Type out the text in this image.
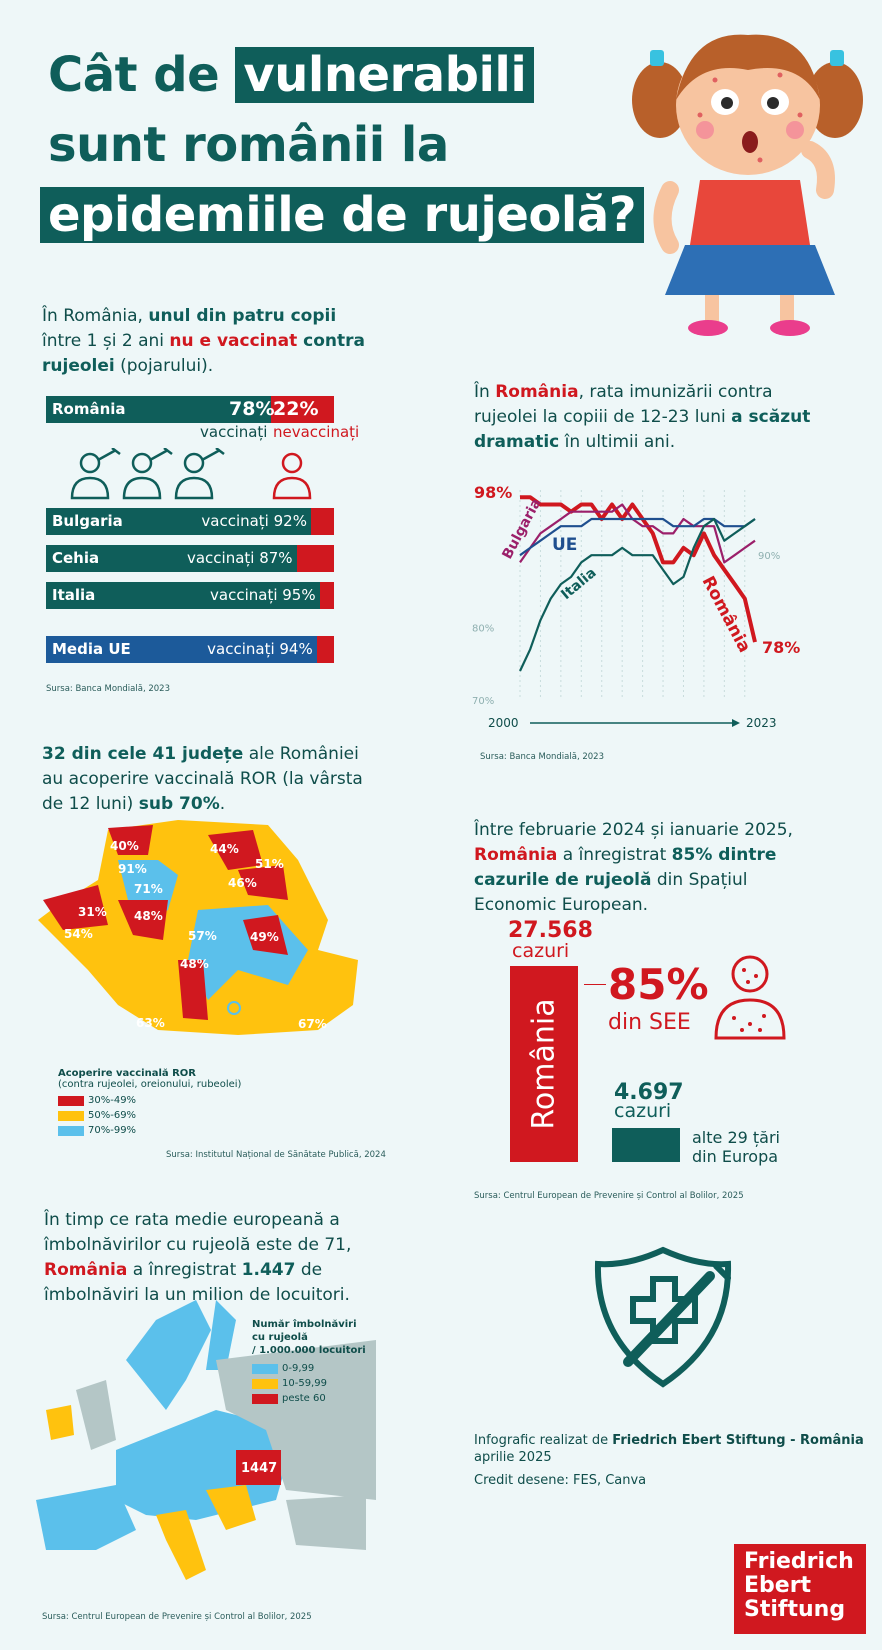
Cât de vulnerabili
sunt românii la
epidemiile de rujeolă?
În România, unul din patru copii între 1 și 2 ani nu e vaccinat contra rujeolei (pojarului).
România	78%
22%
vaccinați nevaccinați
Bulgaria	vaccinați 92%
Cehia	vaccinați 87%
Italia	vaccinați 95%
Media UE	vaccinați 94%
Sursa: Banca Mondială, 2023
În România, rata imunizării contra rujeolei la copiii de 12-23 luni a scăzut dramatic în ultimii ani.
70%
80%
90%
Bulgaria UE
Italia	România
98%
78%
2000	2023
Sursa: Banca Mondială, 2023
32 din cele 41 județe ale României au acoperire vaccinală ROR (la vârsta de 12 luni) sub 70%.
40%	44%
91%	51%
46%
71%
31% 48%
54%	57%	49%
48%
63%	67%
Acoperire vaccinală ROR
(contra rujeolei, oreionului, rubeolei)
30%-49%
50%-69%
70%-99%
Sursa: Institutul Național de Sănătate Publică, 2024
Între februarie 2024 și ianuarie 2025, România a înregistrat 85% dintre cazurile de rujeolă din Spațiul Economic European.
27.568
cazuri
România
85%
din SEE
4.697
cazuri
alte 29 țări
din Europa
Sursa: Centrul European de Prevenire și Control al Bolilor, 2025
În timp ce rata medie europeană a îmbolnăvirilor cu rujeolă este de 71, România a înregistrat 1.447 de îmbolnăviri la un milion de locuitori.
1447
Număr îmbolnăviri
cu rujeolă
/ 1.000.000 locuitori
0-9,99
10-59,99
peste 60
Sursa: Centrul European de Prevenire și Control al Bolilor, 2025
Infografic realizat de Friedrich Ebert Stiftung - România
aprilie 2025
Credit desene: FES, Canva
Friedrich
Ebert
Stiftung
